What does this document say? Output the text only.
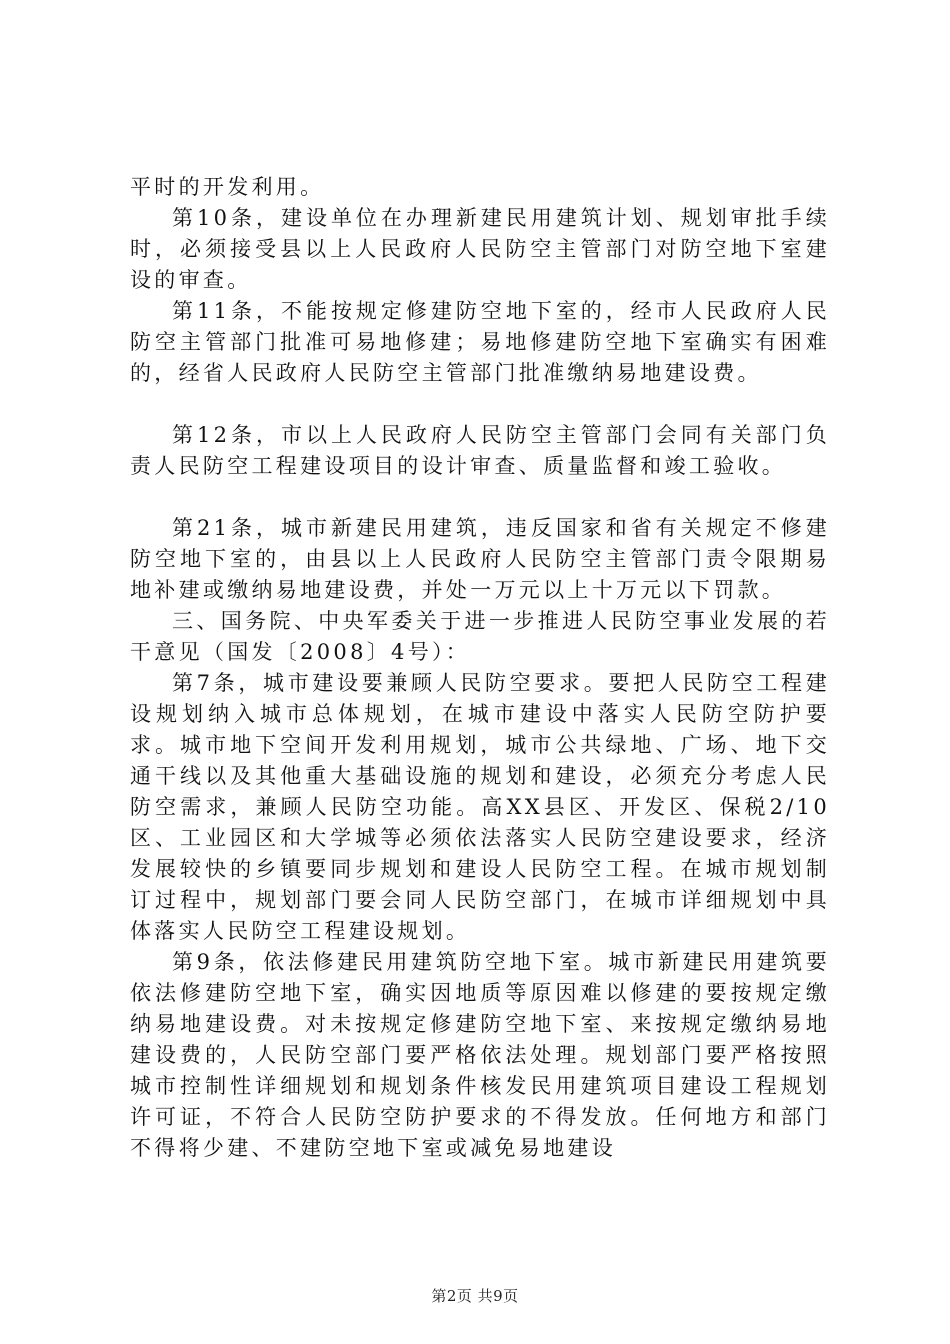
平时的开发利用。

第10条，建设单位在办理新建民用建筑计划、规划审批手续时，必须接受县以上人民政府人民防空主管部门对防空地下室建设的审查。

第11条，不能按规定修建防空地下室的，经市人民政府人民防空主管部门批准可易地修建；易地修建防空地下室确实有困难的，经省人民政府人民防空主管部门批准缴纳易地建设费。

第12条，市以上人民政府人民防空主管部门会同有关部门负责人民防空工程建设项目的设计审查、质量监督和竣工验收。

第21条，城市新建民用建筑，违反国家和省有关规定不修建防空地下室的，由县以上人民政府人民防空主管部门责令限期易地补建或缴纳易地建设费，并处一万元以上十万元以下罚款。

三、国务院、中央军委关于进一步推进人民防空事业发展的若干意见（国发〔2008〕4号）：

第7条，城市建设要兼顾人民防空要求。要把人民防空工程建设规划纳入城市总体规划，在城市建设中落实人民防空防护要求。城市地下空间开发利用规划，城市公共绿地、广场、地下交通干线以及其他重大基础设施的规划和建设，必须充分考虑人民防空需求，兼顾人民防空功能。高XX县区、开发区、保税2/10区、工业园区和大学城等必须依法落实人民防空建设要求，经济发展较快的乡镇要同步规划和建设人民防空工程。在城市规划制订过程中，规划部门要会同人民防空部门，在城市详细规划中具体落实人民防空工程建设规划。

第9条，依法修建民用建筑防空地下室。城市新建民用建筑要依法修建防空地下室，确实因地质等原因难以修建的要按规定缴纳易地建设费。对未按规定修建防空地下室、来按规定缴纳易地建设费的，人民防空部门要严格依法处理。规划部门要严格按照城市控制性详细规划和规划条件核发民用建筑项目建设工程规划许可证，不符合人民防空防护要求的不得发放。任何地方和部门不得将少建、不建防空地下室或减免易地建设

第2页 共9页
